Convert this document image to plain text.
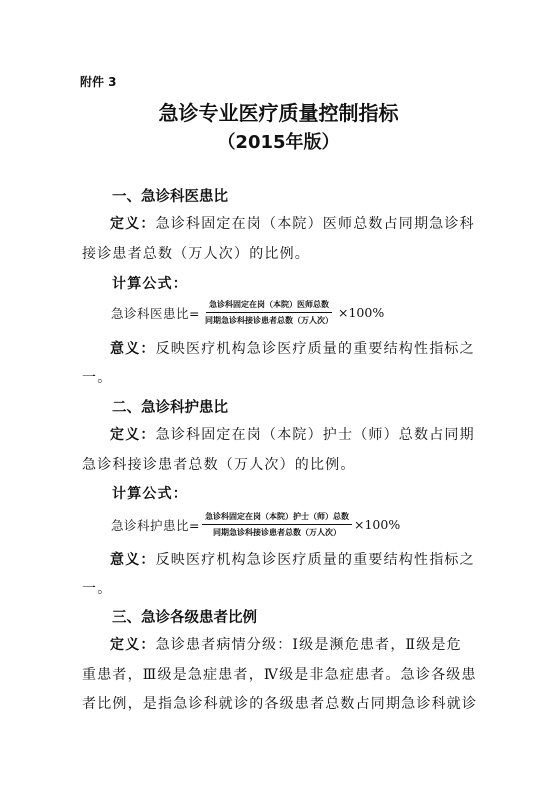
附件 3
急诊专业医疗质量控制指标
（2015年版）
一、急诊科医患比
定义：急诊科固定在岗（本院）医师总数占同期急诊科
接诊患者总数（万人次）的比例。
计算公式：
急诊科医患比= $\frac{\text{急诊科固定在岗（本院）医师总数}}{\text{同期急诊科接诊患者总数（万人次）}} \times 100\%$
意义：反映医疗机构急诊医疗质量的重要结构性指标之
一。
二、急诊科护患比
定义：急诊科固定在岗（本院）护士（师）总数占同期
急诊科接诊患者总数（万人次）的比例。
计算公式：
急诊科护患比= $\frac{\text{急诊科固定在岗（本院）护士（师）总数}}{\text{同期急诊科接诊患者总数（万人次）}} \times 100\%$
意义：反映医疗机构急诊医疗质量的重要结构性指标之
一。
三、急诊各级患者比例
定义：急诊患者病情分级：Ⅰ级是濒危患者，Ⅱ级是危
重患者，Ⅲ级是急症患者，Ⅳ级是非急症患者。急诊各级患
者比例，是指急诊科就诊的各级患者总数占同期急诊科就诊
